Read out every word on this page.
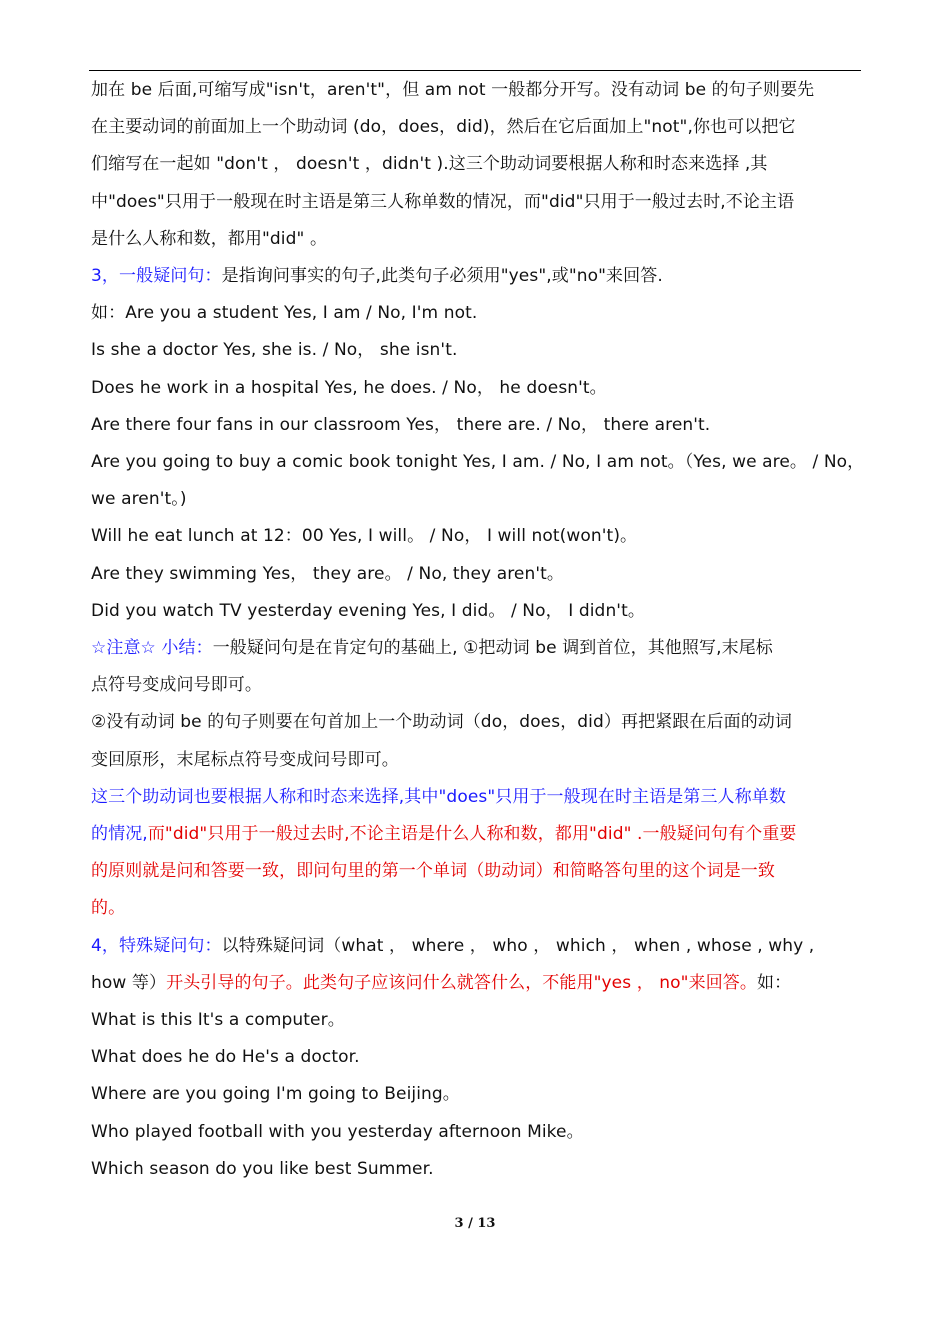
加在 be 后面,可缩写成"isn't，aren't"，但 am not 一般都分开写。没有动词 be 的句子则要先

在主要动词的前面加上一个助动词 (do，does，did)，然后在它后面加上"not",你也可以把它

们缩写在一起如 "don't ， doesn't ，didn't ).这三个助动词要根据人称和时态来选择 ,其

中"does"只用于一般现在时主语是第三人称单数的情况，而"did"只用于一般过去时,不论主语

是什么人称和数，都用"did" 。

3，一般疑问句：是指询问事实的句子,此类句子必须用"yes",或"no"来回答.

如：Are you a student Yes, I am / No, I'm not.

Is she a doctor Yes, she is. / No， she isn't.

Does he work in a hospital Yes, he does. / No， he doesn't。

Are there four fans in our classroom Yes， there are. / No， there aren't.

Are you going to buy a comic book tonight Yes, I am. / No, I am not。（Yes, we are。 / No，

we aren't。)

Will he eat lunch at 12：00 Yes, I will。 / No， I will not(won't)。

Are they swimming Yes， they are。 / No, they aren't。

Did you watch TV yesterday evening Yes, I did。 / No， I didn't。

☆注意☆ 小结：一般疑问句是在肯定句的基础上, ①把动词 be 调到首位，其他照写,末尾标

点符号变成问号即可。

②没有动词 be 的句子则要在句首加上一个助动词（do，does，did）再把紧跟在后面的动词

变回原形，末尾标点符号变成问号即可。

这三个助动词也要根据人称和时态来选择,其中"does"只用于一般现在时主语是第三人称单数

的情况,而"did"只用于一般过去时,不论主语是什么人称和数，都用"did" .一般疑问句有个重要

的原则就是问和答要一致，即问句里的第一个单词（助动词）和简略答句里的这个词是一致

的。

4，特殊疑问句：以特殊疑问词（what ， where ， who ， which ， when , whose , why ,

how 等）开头引导的句子。此类句子应该问什么就答什么，不能用"yes ， no"来回答。如：

What is this It's a computer。

What does he do He's a doctor.

Where are you going I'm going to Beijing。

Who played football with you yesterday afternoon Mike。

Which season do you like best Summer.

3 / 13
